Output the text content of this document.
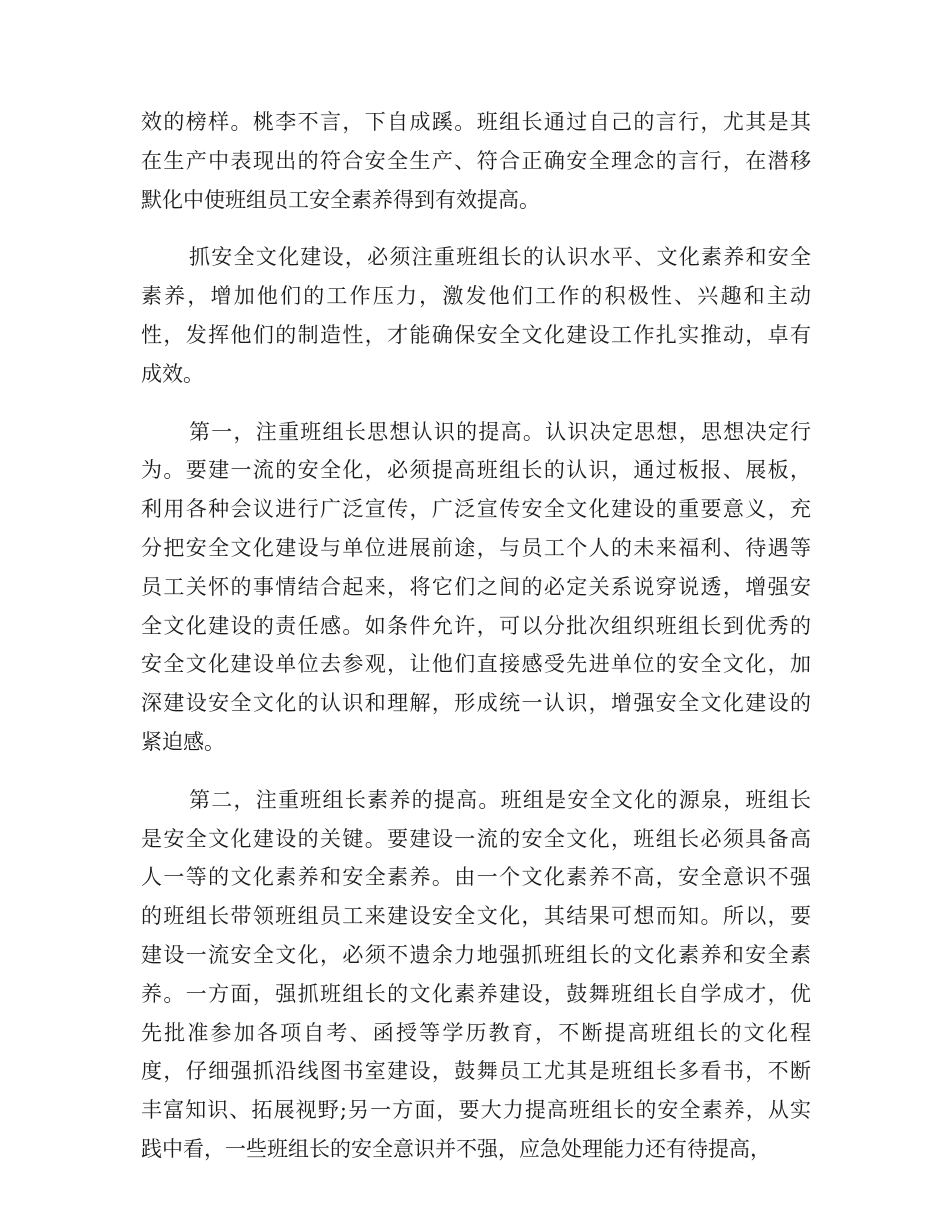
效的榜样。桃李不言，下自成蹊。班组长通过自己的言行，尤其是其
在生产中表现出的符合安全生产、符合正确安全理念的言行，在潜移
默化中使班组员工安全素养得到有效提高。
抓安全文化建设，必须注重班组长的认识水平、文化素养和安全
素养，增加他们的工作压力，激发他们工作的积极性、兴趣和主动
性，发挥他们的制造性，才能确保安全文化建设工作扎实推动，卓有
成效。
第一，注重班组长思想认识的提高。认识决定思想，思想决定行
为。要建一流的安全化，必须提高班组长的认识，通过板报、展板，
利用各种会议进行广泛宣传，广泛宣传安全文化建设的重要意义，充
分把安全文化建设与单位进展前途，与员工个人的未来福利、待遇等
员工关怀的事情结合起来，将它们之间的必定关系说穿说透，增强安
全文化建设的责任感。如条件允许，可以分批次组织班组长到优秀的
安全文化建设单位去参观，让他们直接感受先进单位的安全文化，加
深建设安全文化的认识和理解，形成统一认识，增强安全文化建设的
紧迫感。
第二，注重班组长素养的提高。班组是安全文化的源泉，班组长
是安全文化建设的关键。要建设一流的安全文化，班组长必须具备高
人一等的文化素养和安全素养。由一个文化素养不高，安全意识不强
的班组长带领班组员工来建设安全文化，其结果可想而知。所以，要
建设一流安全文化，必须不遗余力地强抓班组长的文化素养和安全素
养。一方面，强抓班组长的文化素养建设，鼓舞班组长自学成才，优
先批准参加各项自考、函授等学历教育，不断提高班组长的文化程
度，仔细强抓沿线图书室建设，鼓舞员工尤其是班组长多看书，不断
丰富知识、拓展视野;另一方面，要大力提高班组长的安全素养，从实
践中看，一些班组长的安全意识并不强，应急处理能力还有待提高，
